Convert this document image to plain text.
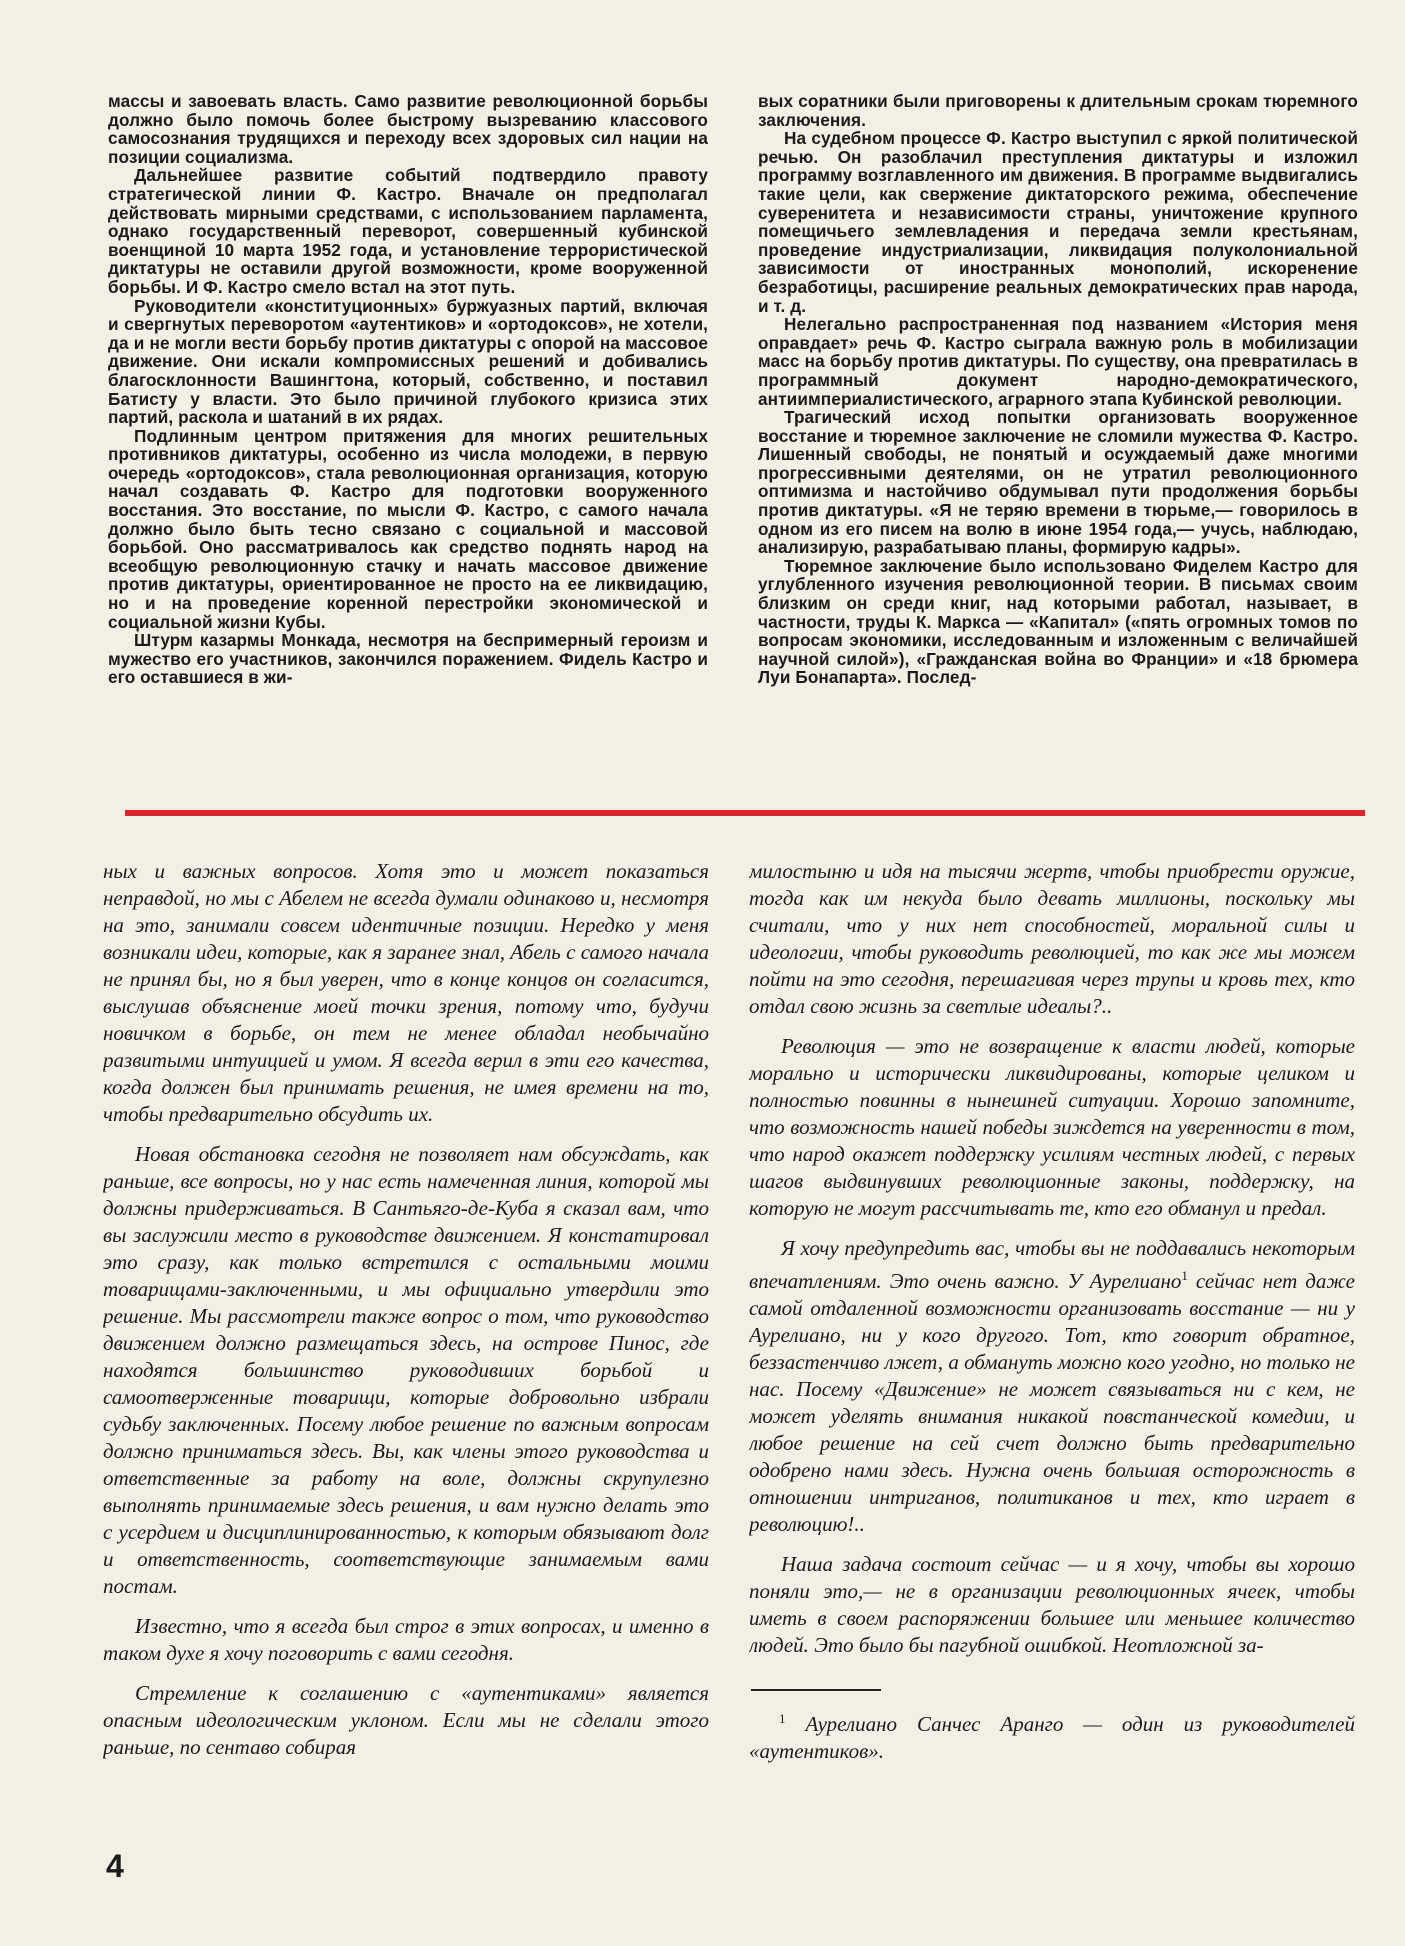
массы и завоевать власть. Само развитие революционной борьбы должно было помочь более быстрому вызреванию классового самосознания трудящихся и переходу всех здоровых сил нации на позиции социализма.

Дальнейшее развитие событий подтвердило правоту стратегической линии Ф. Кастро. Вначале он предполагал действовать мирными средствами, с использованием парламента, однако государственный переворот, совершенный кубинской военщиной 10 марта 1952 года, и установление террористической диктатуры не оставили другой возможности, кроме вооруженной борьбы. И Ф. Кастро смело встал на этот путь.

Руководители «конституционных» буржуазных партий, включая и свергнутых переворотом «аутентиков» и «ортодоксов», не хотели, да и не могли вести борьбу против диктатуры с опорой на массовое движение. Они искали компромиссных решений и добивались благосклонности Вашингтона, который, собственно, и поставил Батисту у власти. Это было причиной глубокого кризиса этих партий, раскола и шатаний в их рядах.

Подлинным центром притяжения для многих решительных противников диктатуры, особенно из числа молодежи, в первую очередь «ортодоксов», стала революционная организация, которую начал создавать Ф. Кастро для подготовки вооруженного восстания. Это восстание, по мысли Ф. Кастро, с самого начала должно было быть тесно связано с социальной и массовой борьбой. Оно рассматривалось как средство поднять народ на всеобщую революционную стачку и начать массовое движение против диктатуры, ориентированное не просто на ее ликвидацию, но и на проведение коренной перестройки экономической и социальной жизни Кубы.

Штурм казармы Монкада, несмотря на беспримерный героизм и мужество его участников, закончился поражением. Фидель Кастро и его оставшиеся в жи-

вых соратники были приговорены к длительным срокам тюремного заключения.

На судебном процессе Ф. Кастро выступил с яркой политической речью. Он разоблачил преступления диктатуры и изложил программу возглавленного им движения. В программе выдвигались такие цели, как свержение диктаторского режима, обеспечение суверенитета и независимости страны, уничтожение крупного помещичьего землевладения и передача земли крестьянам, проведение индустриализации, ликвидация полуколониальной зависимости от иностранных монополий, искоренение безработицы, расширение реальных демократических прав народа, и т. д.

Нелегально распространенная под названием «История меня оправдает» речь Ф. Кастро сыграла важную роль в мобилизации масс на борьбу против диктатуры. По существу, она превратилась в программный документ народно-демократического, антиимпериалистического, аграрного этапа Кубинской революции.

Трагический исход попытки организовать вооруженное восстание и тюремное заключение не сломили мужества Ф. Кастро. Лишенный свободы, не понятый и осуждаемый даже многими прогрессивными деятелями, он не утратил революционного оптимизма и настойчиво обдумывал пути продолжения борьбы против диктатуры. «Я не теряю времени в тюрьме,— говорилось в одном из его писем на волю в июне 1954 года,— учусь, наблюдаю, анализирую, разрабатываю планы, формирую кадры».

Тюремное заключение было использовано Фиделем Кастро для углубленного изучения революционной теории. В письмах своим близким он среди книг, над которыми работал, называет, в частности, труды К. Маркса — «Капитал» («пять огромных томов по вопросам экономики, исследованным и изложенным с величайшей научной силой»), «Гражданская война во Франции» и «18 брюмера Луи Бонапарта». Послед-

ных и важных вопросов. Хотя это и может показаться неправдой, но мы с Абелем не всегда думали одинаково и, несмотря на это, занимали совсем идентичные позиции. Нередко у меня возникали идеи, которые, как я заранее знал, Абель с самого начала не принял бы, но я был уверен, что в конце концов он согласится, выслушав объяснение моей точки зрения, потому что, будучи новичком в борьбе, он тем не менее обладал необычайно развитыми интуицией и умом. Я всегда верил в эти его качества, когда должен был принимать решения, не имея времени на то, чтобы предварительно обсудить их.

Новая обстановка сегодня не позволяет нам обсуждать, как раньше, все вопросы, но у нас есть намеченная линия, которой мы должны придерживаться. В Сантьяго-де-Куба я сказал вам, что вы заслужили место в руководстве движением. Я констатировал это сразу, как только встретился с остальными моими товарищами-заключенными, и мы официально утвердили это решение. Мы рассмотрели также вопрос о том, что руководство движением должно размещаться здесь, на острове Пинос, где находятся большинство руководивших борьбой и самоотверженные товарищи, которые добровольно избрали судьбу заключенных. Посему любое решение по важным вопросам должно приниматься здесь. Вы, как члены этого руководства и ответственные за работу на воле, должны скрупулезно выполнять принимаемые здесь решения, и вам нужно делать это с усердием и дисциплинированностью, к которым обязывают долг и ответственность, соответствующие занимаемым вами постам.

Известно, что я всегда был строг в этих вопросах, и именно в таком духе я хочу поговорить с вами сегодня.

Стремление к соглашению с «аутентиками» является опасным идеологическим уклоном. Если мы не сделали этого раньше, по сентаво собирая

милостыню и идя на тысячи жертв, чтобы приобрести оружие, тогда как им некуда было девать миллионы, поскольку мы считали, что у них нет способностей, моральной силы и идеологии, чтобы руководить революцией, то как же мы можем пойти на это сегодня, перешагивая через трупы и кровь тех, кто отдал свою жизнь за светлые идеалы?..

Революция — это не возвращение к власти людей, которые морально и исторически ликвидированы, которые целиком и полностью повинны в нынешней ситуации. Хорошо запомните, что возможность нашей победы зиждется на уверенности в том, что народ окажет поддержку усилиям честных людей, с первых шагов выдвинувших революционные законы, поддержку, на которую не могут рассчитывать те, кто его обманул и предал.

Я хочу предупредить вас, чтобы вы не поддавались некоторым впечатлениям. Это очень важно. У Аурелиано$^1$ сейчас нет даже самой отдаленной возможности организовать восстание — ни у Аурелиано, ни у кого другого. Тот, кто говорит обратное, беззастенчиво лжет, а обмануть можно кого угодно, но только не нас. Посему «Движение» не может связываться ни с кем, не может уделять внимания никакой повстанческой комедии, и любое решение на сей счет должно быть предварительно одобрено нами здесь. Нужна очень большая осторожность в отношении интриганов, политиканов и тех, кто играет в революцию!..

Наша задача состоит сейчас — и я хочу, чтобы вы хорошо поняли это,— не в организации революционных ячеек, чтобы иметь в своем распоряжении большее или меньшее количество людей. Это было бы пагубной ошибкой. Неотложной за-

$^1$ Аурелиано Санчес Аранго — один из руководителей «аутентиков».

4
